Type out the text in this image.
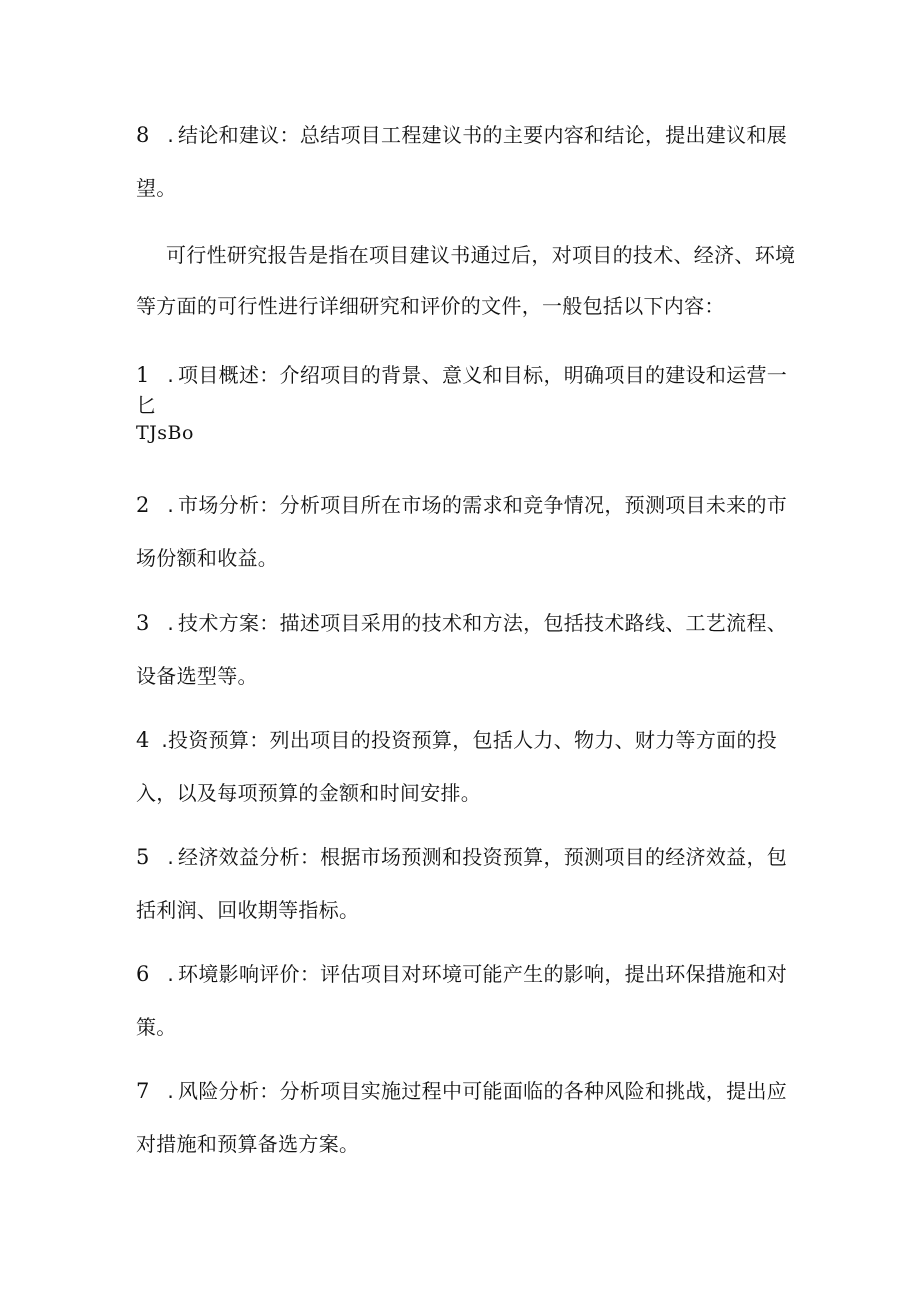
8 . 结论和建议：总结项目工程建议书的主要内容和结论，提出建议和展
望。
可行性研究报告是指在项目建议书通过后，对项目的技术、经济、环境
等方面的可行性进行详细研究和评价的文件，一般包括以下内容：
1 . 项目概述：介绍项目的背景、意义和目标，明确项目的建设和运营一
匕
TJsBo
2 . 市场分析：分析项目所在市场的需求和竞争情况，预测项目未来的市
场份额和收益。
3 . 技术方案：描述项目采用的技术和方法，包括技术路线、工艺流程、
设备选型等。
4 .投资预算：列出项目的投资预算，包括人力、物力、财力等方面的投
入，以及每项预算的金额和时间安排。
5 . 经济效益分析：根据市场预测和投资预算，预测项目的经济效益，包
括利润、回收期等指标。
6 . 环境影响评价：评估项目对环境可能产生的影响，提出环保措施和对
策。
7 . 风险分析：分析项目实施过程中可能面临的各种风险和挑战，提出应
对措施和预算备选方案。
